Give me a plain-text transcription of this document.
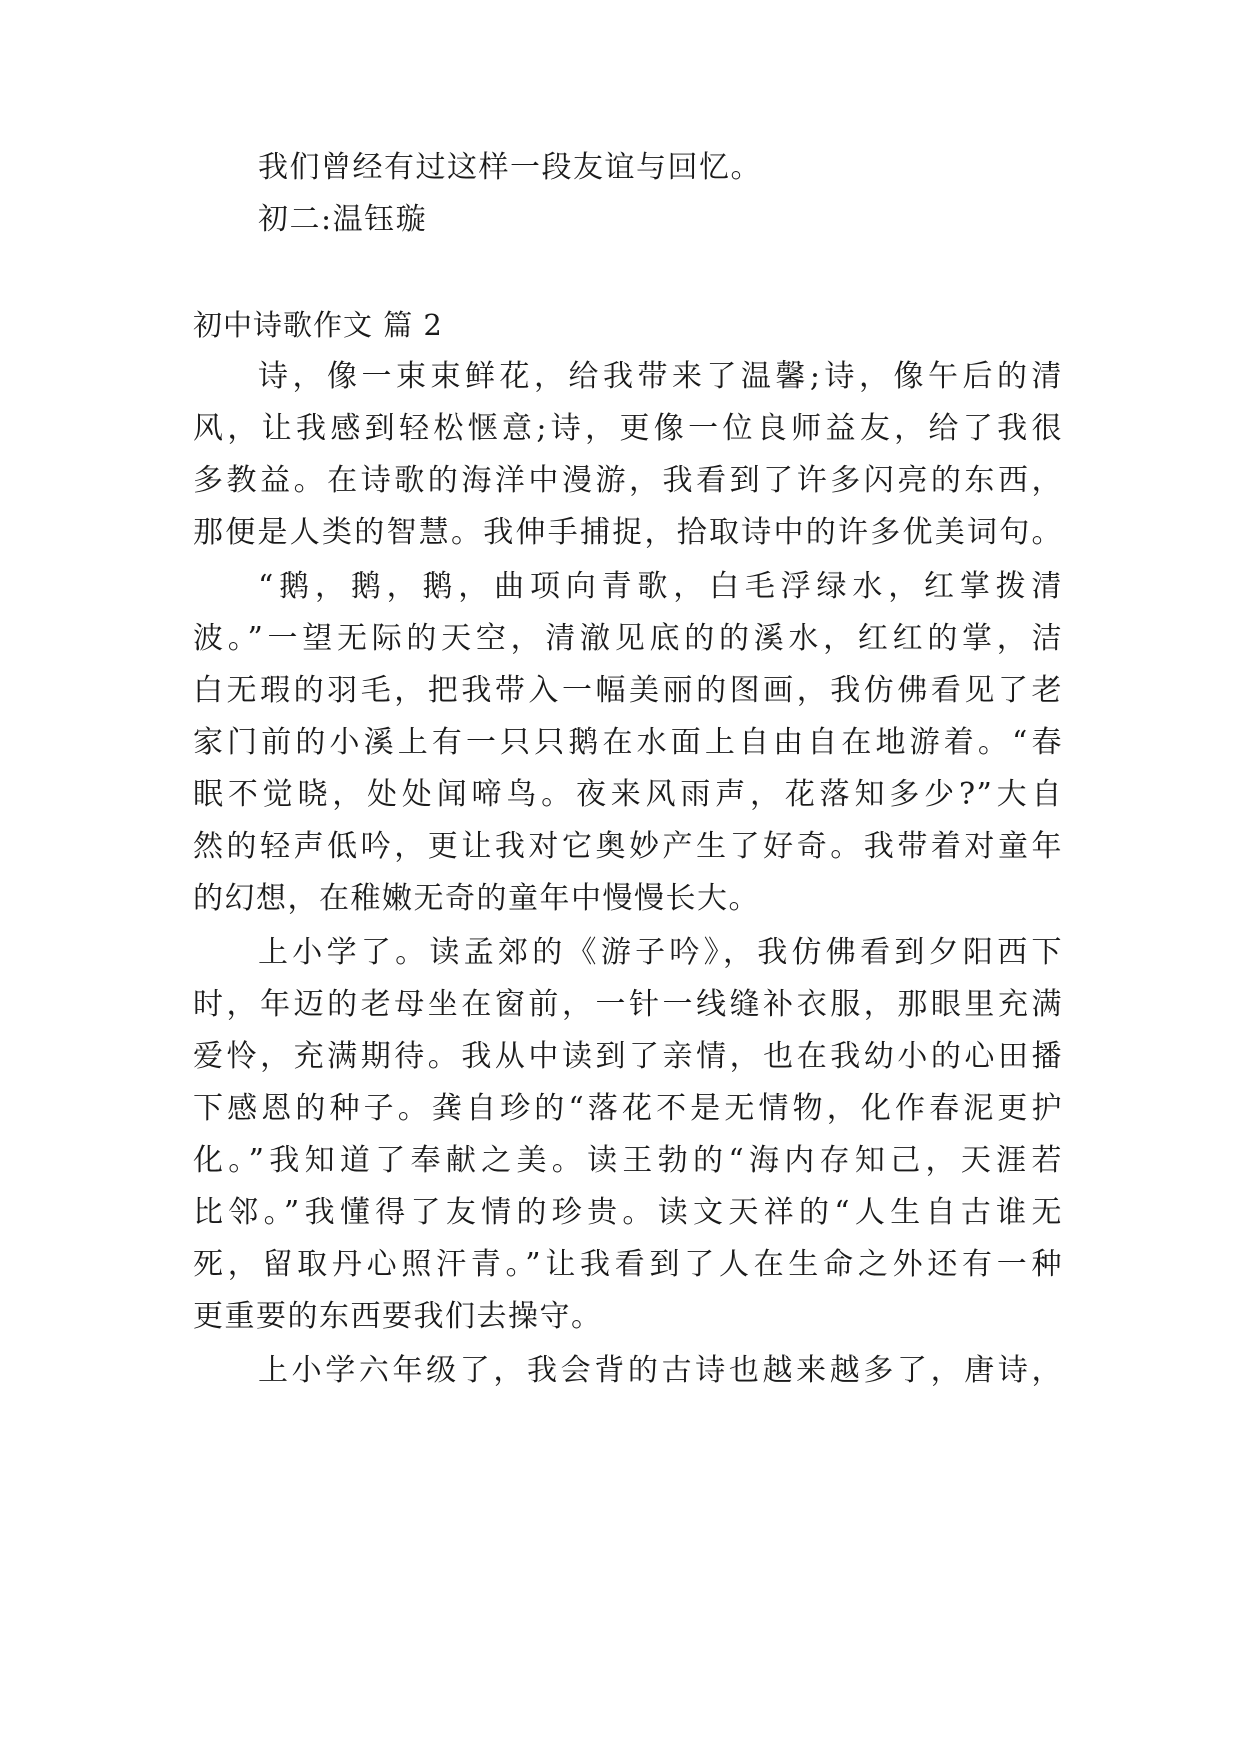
我们曾经有过这样一段友谊与回忆。

初二:温钰璇

初中诗歌作文 篇 2

诗，像一束束鲜花，给我带来了温馨;诗，像午后的清

风，让我感到轻松惬意;诗，更像一位良师益友，给了我很

多教益。在诗歌的海洋中漫游，我看到了许多闪亮的东西，

那便是人类的智慧。我伸手捕捉，拾取诗中的许多优美词句。

“鹅，鹅，鹅，曲项向青歌，白毛浮绿水，红掌拨清

波。”一望无际的天空，清澈见底的的溪水，红红的掌，洁

白无瑕的羽毛，把我带入一幅美丽的图画，我仿佛看见了老

家门前的小溪上有一只只鹅在水面上自由自在地游着。“春

眠不觉晓，处处闻啼鸟。夜来风雨声，花落知多少?”大自

然的轻声低吟，更让我对它奥妙产生了好奇。我带着对童年

的幻想，在稚嫩无奇的童年中慢慢长大。

上小学了。读孟郊的《游子吟》，我仿佛看到夕阳西下

时，年迈的老母坐在窗前，一针一线缝补衣服，那眼里充满

爱怜，充满期待。我从中读到了亲情，也在我幼小的心田播

下感恩的种子。龚自珍的“落花不是无情物，化作春泥更护

化。”我知道了奉献之美。读王勃的“海内存知己，天涯若

比邻。”我懂得了友情的珍贵。读文天祥的“人生自古谁无

死，留取丹心照汗青。”让我看到了人在生命之外还有一种

更重要的东西要我们去操守。

上小学六年级了，我会背的古诗也越来越多了，唐诗，
